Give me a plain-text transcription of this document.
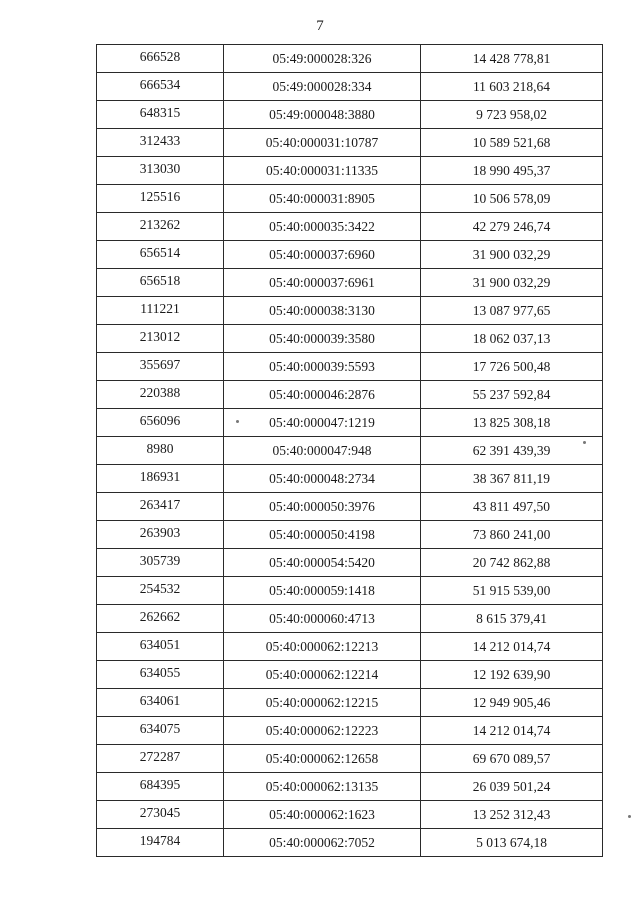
7
666528	05:49:000028:326	14 428 778,81
666534	05:49:000028:334	11 603 218,64
648315	05:49:000048:3880	9 723 958,02
312433	05:40:000031:10787	10 589 521,68
313030	05:40:000031:11335	18 990 495,37
125516	05:40:000031:8905	10 506 578,09
213262	05:40:000035:3422	42 279 246,74
656514	05:40:000037:6960	31 900 032,29
656518	05:40:000037:6961	31 900 032,29
111221	05:40:000038:3130	13 087 977,65
213012	05:40:000039:3580	18 062 037,13
355697	05:40:000039:5593	17 726 500,48
220388	05:40:000046:2876	55 237 592,84
656096	05:40:000047:1219	13 825 308,18
8980	05:40:000047:948	62 391 439,39
186931	05:40:000048:2734	38 367 811,19
263417	05:40:000050:3976	43 811 497,50
263903	05:40:000050:4198	73 860 241,00
305739	05:40:000054:5420	20 742 862,88
254532	05:40:000059:1418	51 915 539,00
262662	05:40:000060:4713	8 615 379,41
634051	05:40:000062:12213	14 212 014,74
634055	05:40:000062:12214	12 192 639,90
634061	05:40:000062:12215	12 949 905,46
634075	05:40:000062:12223	14 212 014,74
272287	05:40:000062:12658	69 670 089,57
684395	05:40:000062:13135	26 039 501,24
273045	05:40:000062:1623	13 252 312,43
194784	05:40:000062:7052	5 013 674,18
